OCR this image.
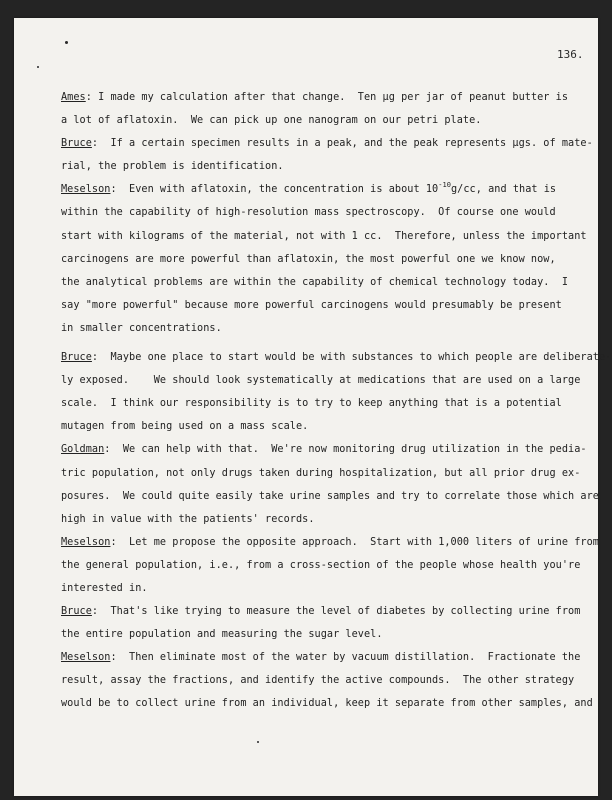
136.
Ames: I made my calculation after that change.  Ten μg per jar of peanut butter is
a lot of aflatoxin.  We can pick up one nanogram on our petri plate.
Bruce:  If a certain specimen results in a peak, and the peak represents μgs. of mate-
rial, the problem is identification.
Meselson:  Even with aflatoxin, the concentration is about $10^{-10}g/cc$, and that is
within the capability of high-resolution mass spectroscopy.  Of course one would
start with kilograms of the material, not with 1 cc.  Therefore, unless the important
carcinogens are more powerful than aflatoxin, the most powerful one we know now,
the analytical problems are within the capability of chemical technology today.  I
say "more powerful" because more powerful carcinogens would presumably be present
in smaller concentrations.
Bruce:  Maybe one place to start would be with substances to which people are deliberate-
ly exposed.    We should look systematically at medications that are used on a large
scale.  I think our responsibility is to try to keep anything that is a potential
mutagen from being used on a mass scale.
Goldman:  We can help with that.  We're now monitoring drug utilization in the pedia-
tric population, not only drugs taken during hospitalization, but all prior drug ex-
posures.  We could quite easily take urine samples and try to correlate those which are
high in value with the patients' records.
Meselson:  Let me propose the opposite approach.  Start with 1,000 liters of urine from
the general population, i.e., from a cross-section of the people whose health you're
interested in.
Bruce:  That's like trying to measure the level of diabetes by collecting urine from
the entire population and measuring the sugar level.
Meselson:  Then eliminate most of the water by vacuum distillation.  Fractionate the
result, assay the fractions, and identify the active compounds.  The other strategy
would be to collect urine from an individual, keep it separate from other samples, and
